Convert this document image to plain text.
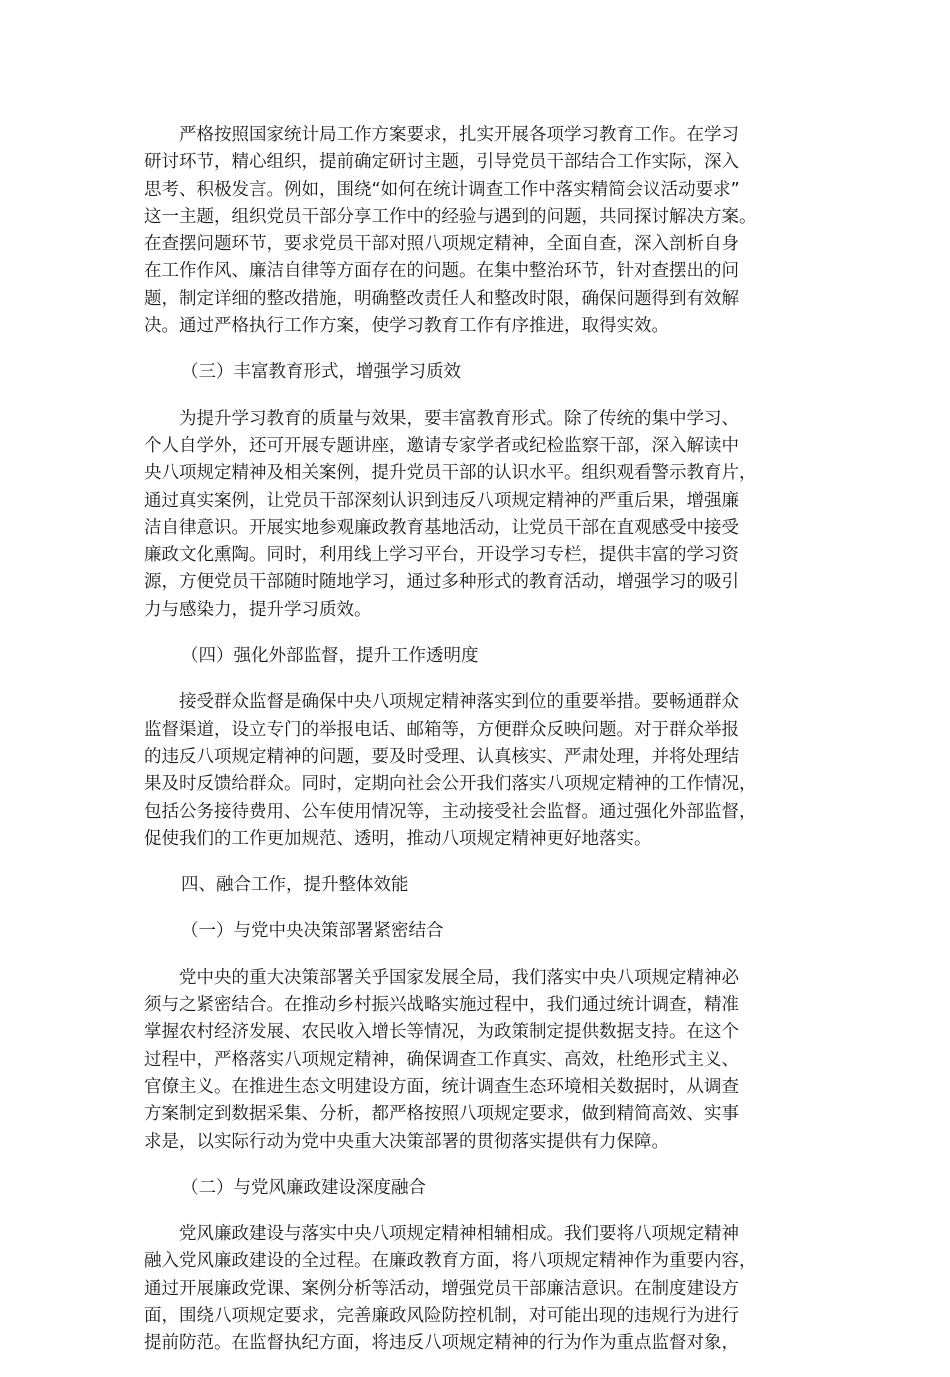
严格按照国家统计局工作方案要求，扎实开展各项学习教育工作。在学习
研讨环节，精心组织，提前确定研讨主题，引导党员干部结合工作实际，深入
思考、积极发言。例如，围绕“如何在统计调查工作中落实精简会议活动要求”
这一主题，组织党员干部分享工作中的经验与遇到的问题，共同探讨解决方案。
在查摆问题环节，要求党员干部对照八项规定精神，全面自查，深入剖析自身
在工作作风、廉洁自律等方面存在的问题。在集中整治环节，针对查摆出的问
题，制定详细的整改措施，明确整改责任人和整改时限，确保问题得到有效解
决。通过严格执行工作方案，使学习教育工作有序推进，取得实效。

（三）丰富教育形式，增强学习质效

为提升学习教育的质量与效果，要丰富教育形式。除了传统的集中学习、
个人自学外，还可开展专题讲座，邀请专家学者或纪检监察干部，深入解读中
央八项规定精神及相关案例，提升党员干部的认识水平。组织观看警示教育片，
通过真实案例，让党员干部深刻认识到违反八项规定精神的严重后果，增强廉
洁自律意识。开展实地参观廉政教育基地活动，让党员干部在直观感受中接受
廉政文化熏陶。同时，利用线上学习平台，开设学习专栏，提供丰富的学习资
源，方便党员干部随时随地学习，通过多种形式的教育活动，增强学习的吸引
力与感染力，提升学习质效。

（四）强化外部监督，提升工作透明度

接受群众监督是确保中央八项规定精神落实到位的重要举措。要畅通群众
监督渠道，设立专门的举报电话、邮箱等，方便群众反映问题。对于群众举报
的违反八项规定精神的问题，要及时受理、认真核实、严肃处理，并将处理结
果及时反馈给群众。同时，定期向社会公开我们落实八项规定精神的工作情况，
包括公务接待费用、公车使用情况等，主动接受社会监督。通过强化外部监督，
促使我们的工作更加规范、透明，推动八项规定精神更好地落实。

四、融合工作，提升整体效能

（一）与党中央决策部署紧密结合

党中央的重大决策部署关乎国家发展全局，我们落实中央八项规定精神必
须与之紧密结合。在推动乡村振兴战略实施过程中，我们通过统计调查，精准
掌握农村经济发展、农民收入增长等情况，为政策制定提供数据支持。在这个
过程中，严格落实八项规定精神，确保调查工作真实、高效，杜绝形式主义、
官僚主义。在推进生态文明建设方面，统计调查生态环境相关数据时，从调查
方案制定到数据采集、分析，都严格按照八项规定要求，做到精简高效、实事
求是，以实际行动为党中央重大决策部署的贯彻落实提供有力保障。

（二）与党风廉政建设深度融合

党风廉政建设与落实中央八项规定精神相辅相成。我们要将八项规定精神
融入党风廉政建设的全过程。在廉政教育方面，将八项规定精神作为重要内容，
通过开展廉政党课、案例分析等活动，增强党员干部廉洁意识。在制度建设方
面，围绕八项规定要求，完善廉政风险防控机制，对可能出现的违规行为进行
提前防范。在监督执纪方面，将违反八项规定精神的行为作为重点监督对象，
